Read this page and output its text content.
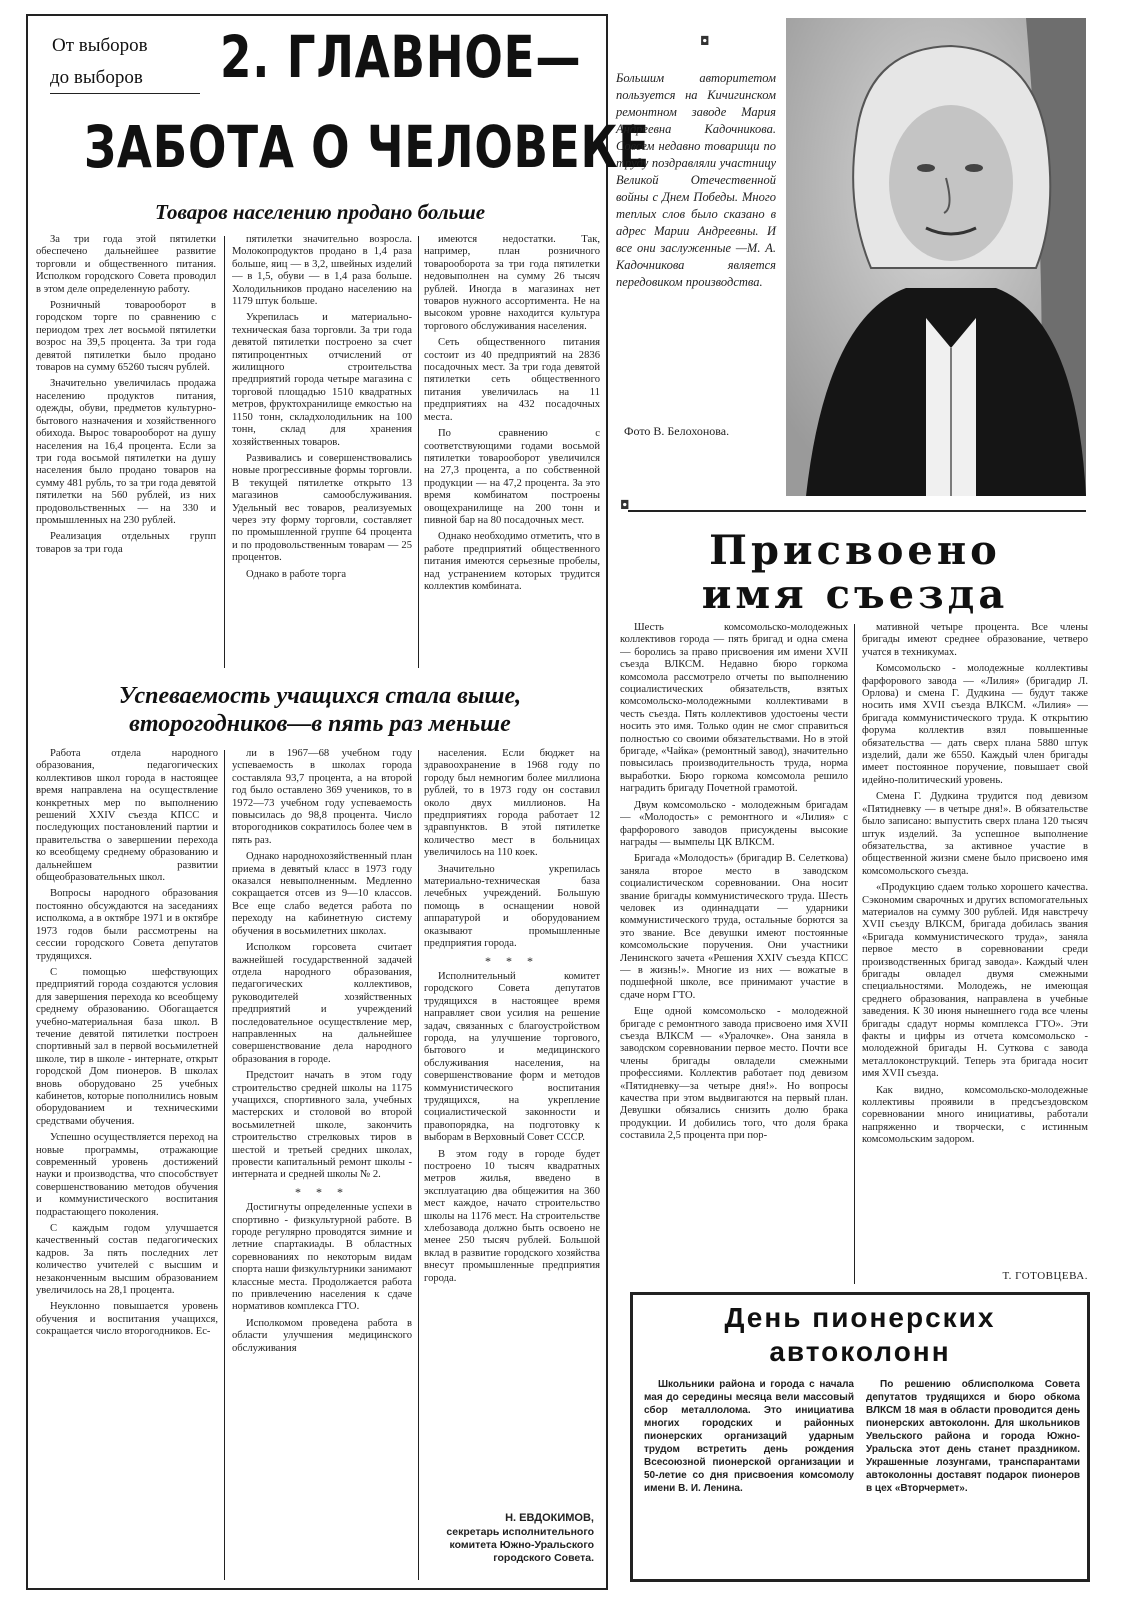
От выборов
до выборов 2. ГЛАВНОЕ—
ЗАБОТА О ЧЕЛОВЕКЕ
Товаров населению продано больше

За три года этой пятилетки обеспечено дальнейшее развитие торговли и общественного питания. Исполком городского Совета проводил в этом деле определенную работу.

Розничный товарооборот в городском торге по сравнению с периодом трех лет восьмой пятилетки возрос на 39,5 процента. За три года девятой пятилетки было продано товаров на сумму 65260 тысяч рублей.

Значительно увеличилась продажа населению продуктов питания, одежды, обуви, предметов культурно-бытового назначения и хозяйственного обихода. Вырос товарооборот на душу населения на 16,4 процента. Если за три года восьмой пятилетки на душу населения было продано товаров на сумму 481 рубль, то за три года девятой пятилетки на 560 рублей, из них продовольственных — на 330 и промышленных на 230 рублей.

Реализация отдельных групп товаров за три года

пятилетки значительно возросла. Молокопродуктов продано в 1,4 раза больше, яиц — в 3,2, швейных изделий — в 1,5, обуви — в 1,4 раза больше. Холодильников продано населению на 1179 штук больше.

Укрепилась и материально-техническая база торговли. За три года девятой пятилетки построено за счет пятипроцентных отчислений от жилищного строительства предприятий города четыре магазина с торговой площадью 1510 квадратных метров, фруктохранилище емкостью на 1150 тонн, складхолодильник на 100 тонн, склад для хранения хозяйственных товаров.

Развивались и совершенствовались новые прогрессивные формы торговли. В текущей пятилетке открыто 13 магазинов самообслуживания. Удельный вес товаров, реализуемых через эту форму торговли, составляет по промышленной группе 64 процента и по продовольственным товарам — 25 процентов.

Однако в работе торга

имеются недостатки. Так, например, план розничного товарооборота за три года пятилетки недовыполнен на сумму 26 тысяч рублей. Иногда в магазинах нет товаров нужного ассортимента. Не на высоком уровне находится культура торгового обслуживания населения.

Сеть общественного питания состоит из 40 предприятий на 2836 посадочных мест. За три года девятой пятилетки сеть общественного питания увеличилась на 11 предприятиях на 432 посадочных места.

По сравнению с соответствующими годами восьмой пятилетки товарооборот увеличился на 27,3 процента, а по собственной продукции — на 47,2 процента. За это время комбинатом построены овощехранилище на 200 тонн и пивной бар на 80 посадочных мест.

Однако необходимо отметить, что в работе предприятий общественного питания имеются серьезные пробелы, над устранением которых трудится коллектив комбината.

Успеваемость учащихся стала выше,
второгодников—в пять раз меньше

Работа отдела народного образования, педагогических коллективов школ города в настоящее время направлена на осуществление конкретных мер по выполнению решений XXIV съезда КПСС и последующих постановлений партии и правительства о завершении перехода ко всеобщему среднему образованию и дальнейшем развитии общеобразовательных школ.

Вопросы народного образования постоянно обсуждаются на заседаниях исполкома, а в октябре 1971 и в октябре 1973 годов были рассмотрены на сессии городского Совета депутатов трудящихся.

С помощью шефствующих предприятий города создаются условия для завершения перехода ко всеобщему среднему образованию. Обогащается учебно-материальная база школ. В течение девятой пятилетки построен спортивный зал в первой восьмилетней школе, тир в школе - интернате, открыт городской Дом пионеров. В школах вновь оборудовано 25 учебных кабинетов, которые пополнились новым оборудованием и техническими средствами обучения.

Успешно осуществляется переход на новые программы, отражающие современный уровень достижений науки и производства, что способствует совершенствованию методов обучения и коммунистического воспитания подрастающего поколения.

С каждым годом улучшается качественный состав педагогических кадров. За пять последних лет количество учителей с высшим и незаконченным высшим образованием увеличилось на 28,1 процента.

Неуклонно повышается уровень обучения и воспитания учащихся, сокращается число второгодников. Ес-

ли в 1967—68 учебном году успеваемость в школах города составляла 93,7 процента, а на второй год было оставлено 369 учеников, то в 1972—73 учебном году успеваемость повысилась до 98,8 процента. Число второгодников сократилось более чем в пять раз.

Однако народнохозяйственный план приема в девятый класс в 1973 году оказался невыполненным. Медленно сокращается отсев из 9—10 классов. Все еще слабо ведется работа по переходу на кабинетную систему обучения в восьмилетних школах.

Исполком горсовета считает важнейшей государственной задачей отдела народного образования, педагогических коллективов, руководителей хозяйственных предприятий и учреждений последовательное осуществление мер, направленных на дальнейшее совершенствование дела народного образования в городе.

Предстоит начать в этом году строительство средней школы на 1175 учащихся, спортивного зала, учебных мастерских и столовой во второй восьмилетней школе, закончить строительство стрелковых тиров в шестой и третьей средних школах, провести капитальный ремонт школы - интерната и средней школы № 2.

* * *

Достигнуты определенные успехи в спортивно - физкультурной работе. В городе регулярно проводятся зимние и летние спартакиады. В областных соревнованиях по некоторым видам спорта наши физкультурники занимают классные места. Продолжается работа по привлечению населения к сдаче нормативов комплекса ГТО.

Исполкомом проведена работа в области улучшения медицинского обслуживания

населения. Если бюджет на здравоохранение в 1968 году по городу был немногим более миллиона рублей, то в 1973 году он составил около двух миллионов. На предприятиях города работает 12 здравпунктов. В этой пятилетке количество мест в больницах увеличилось на 110 коек.

Значительно укрепилась материально-техническая база лечебных учреждений. Большую помощь в оснащении новой аппаратурой и оборудованием оказывают промышленные предприятия города.

* * *

Исполнительный комитет городского Совета депутатов трудящихся в настоящее время направляет свои усилия на решение задач, связанных с благоустройством города, на улучшение торгового, бытового и медицинского обслуживания населения, на совершенствование форм и методов коммунистического воспитания трудящихся, на укрепление социалистической законности и правопорядка, на подготовку к выборам в Верховный Совет СССР.

В этом году в городе будет построено 10 тысяч квадратных метров жилья, введено в эксплуатацию два общежития на 360 мест каждое, начато строительство школы на 1176 мест. На строительстве хлебозавода должно быть освоено не менее 250 тысяч рублей. Большой вклад в развитие городского хозяйства внесут промышленные предприятия города.

Н. ЕВДОКИМОВ,
секретарь исполнительного комитета Южно-Уральского городского Совета.
◘
◘
Большим авторитетом пользуется на Кичигинском ремонтном заводе Мария Андреевна Кадочникова. Совсем недавно товарищи по труду поздравляли участницу Великой Отечественной войны с Днем Победы. Много теплых слов было сказано в адрес Марии Андреевны. И все они заслуженные —М. А. Кадочникова является передовиком производства.
Фото В. Белохонова.
Присвоено
имя съезда

Шесть комсомольско-молодежных коллективов города — пять бригад и одна смена — боролись за право присвоения им имени XVII съезда ВЛКСМ. Недавно бюро горкома комсомола рассмотрело отчеты по выполнению социалистических обязательств, взятых комсомольско-молодежными коллективами в честь съезда. Пять коллективов удостоены чести носить это имя. Только один не смог справиться полностью со своими обязательствами. Но в этой бригаде, «Чайка» (ремонтный завод), значительно повысилась производительность труда, норма выработки. Бюро горкома комсомола решило наградить бригаду Почетной грамотой.

Двум комсомольско - молодежным бригадам — «Молодость» с ремонтного и «Лилия» с фарфорового заводов присуждены высокие награды — вымпелы ЦК ВЛКСМ.

Бригада «Молодость» (бригадир В. Селеткова) заняла второе место в заводском социалистическом соревновании. Она носит звание бригады коммунистического труда. Шесть человек из одиннадцати — ударники коммунистического труда, остальные борются за это звание. Все девушки имеют постоянные комсомольские поручения. Они участники Ленинского зачета «Решения XXIV съезда КПСС — в жизнь!». Многие из них — вожатые в подшефной школе, все принимают участие в сдаче норм ГТО.

Еще одной комсомольско - молодежной бригаде с ремонтного завода присвоено имя XVII съезда ВЛКСМ — «Уралочке». Она заняла в заводском соревновании первое место. Почти все члены бригады овладели смежными профессиями. Коллектив работает под девизом «Пятидневку—за четыре дня!». Но вопросы качества при этом выдвигаются на первый план. Девушки обязались снизить долю брака продукции. И добились того, что доля брака составила 2,5 процента при пор-

мативной четыре процента. Все члены бригады имеют среднее образование, четверо учатся в техникумах.

Комсомольско - молодежные коллективы фарфорового завода — «Лилия» (бригадир Л. Орлова) и смена Г. Дудкина — будут также носить имя XVII съезда ВЛКСМ. «Лилия» —бригада коммунистического труда. К открытию форума коллектив взял повышенные обязательства — дать сверх плана 5880 штук изделий, дали же 6550. Каждый член бригады имеет постоянное поручение, повышает свой идейно-политический уровень.

Смена Г. Дудкина трудится под девизом «Пятидневку — в четыре дня!». В обязательстве было записано: выпустить сверх плана 120 тысяч штук изделий. За успешное выполнение обязательства, за активное участие в общественной жизни смене было присвоено имя комсомольского съезда.

«Продукцию сдаем только хорошего качества. Сэкономим сварочных и других вспомогательных материалов на сумму 300 рублей. Идя навстречу XVII съезду ВЛКСМ, бригада добилась звания «Бригада коммунистического труда», заняла первое место в соревновании среди производственных бригад завода». Каждый член бригады овладел двумя смежными специальностями. Молодежь, не имеющая среднего образования, направлена в учебные заведения. К 30 июня нынешнего года все члены бригады сдадут нормы комплекса ГТО». Эти факты и цифры из отчета комсомольско - молодежной бригады Н. Суткова с завода металлоконструкций. Теперь эта бригада носит имя XVII съезда.

Как видно, комсомольско-молодежные коллективы проявили в предсъездовском соревновании много инициативы, работали напряженно и творчески, с истинным комсомольским задором.

Т. ГОТОВЦЕВА.
День пионерских
автоколонн

Школьники района и города с начала мая до середины месяца вели массовый сбор металлолома. Это инициатива многих городских и районных пионерских организаций ударным трудом встретить день рождения Всесоюзной пионерской организации и 50-летие со дня присвоения комсомолу имени В. И. Ленина.

По решению облисполкома Совета депутатов трудящихся и бюро обкома ВЛКСМ 18 мая в области проводится день пионерских автоколонн. Для школьников Увельского района и города Южно-Уральска этот день станет праздником. Украшенные лозунгами, транспарантами автоколонны доставят подарок пионеров в цех «Вторчермет».
